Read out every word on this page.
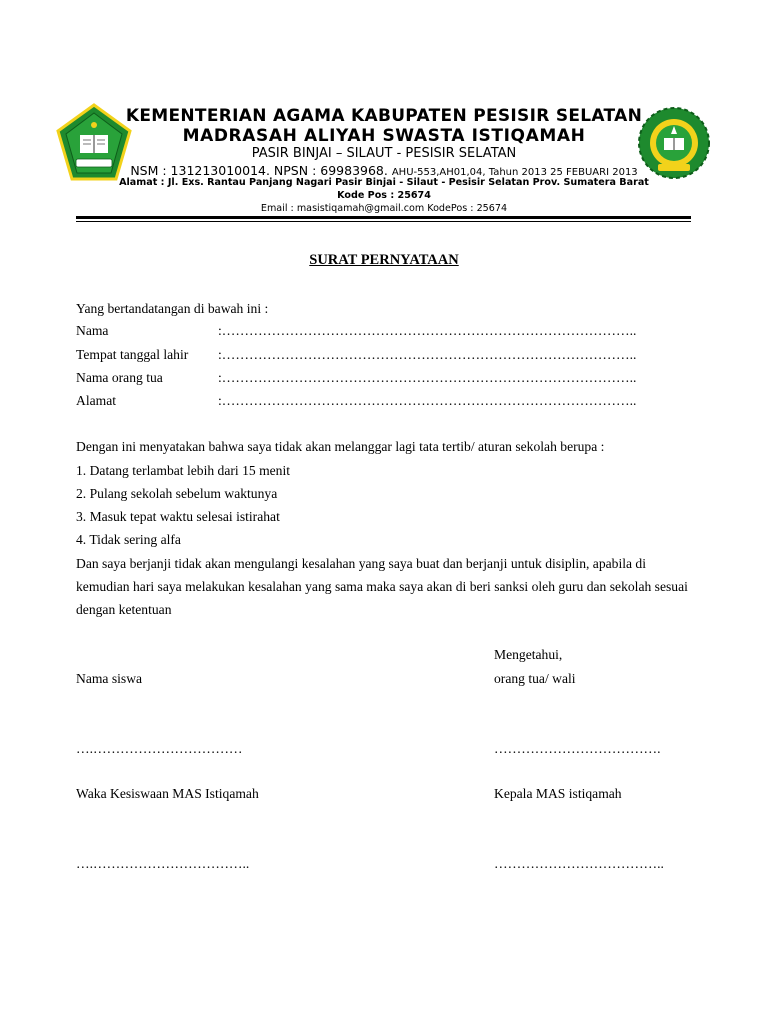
KEMENTERIAN AGAMA KABUPATEN PESISIR SELATAN
MADRASAH ALIYAH SWASTA ISTIQAMAH
PASIR BINJAI – SILAUT - PESISIR SELATAN
NSM : 131213010014. NPSN : 69983968. AHU-553,AH01,04, Tahun 2013 25 FEBUARI 2013
Alamat : Jl. Exs. Rantau Panjang Nagari Pasir Binjai - Silaut - Pesisir Selatan Prov. Sumatera Barat
Kode Pos : 25674
Email : masistiqamah@gmail.com KodePos : 25674
SURAT PERNYATAAN
Yang bertandatangan di bawah ini :
Nama	:………………………………………………………………………………..
Tempat tanggal lahir :………………………………………………………………………………..
Nama orang tua	:………………………………………………………………………………..
Alamat	:………………………………………………………………………………..
Dengan ini menyatakan bahwa saya tidak akan melanggar lagi tata tertib/ aturan sekolah berupa :
1. Datang terlambat lebih dari 15 menit
2. Pulang sekolah sebelum waktunya
3. Masuk tepat waktu selesai istirahat
4. Tidak sering alfa
Dan saya berjanji tidak akan mengulangi kesalahan yang saya buat dan berjanji untuk disiplin, apabila di kemudian hari saya melakukan kesalahan yang sama maka saya akan di beri sanksi oleh guru dan sekolah sesuai dengan ketentuan
Mengetahui,
Nama siswa	orang tua/ wali
….……………………………	……………………………….
Waka Kesiswaan MAS Istiqamah	Kepala MAS istiqamah
….……………………………..	………………………………..
